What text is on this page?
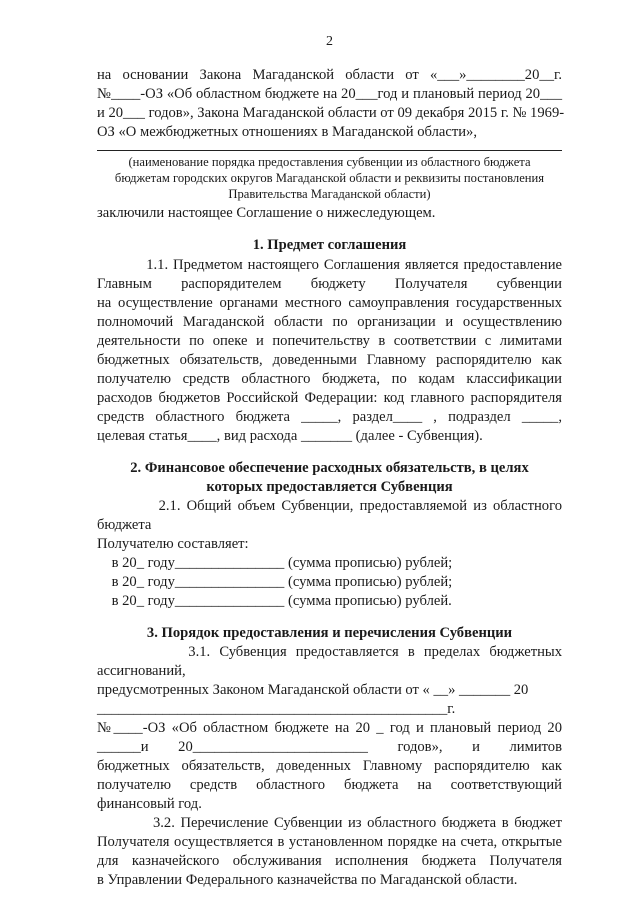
2
на основании Закона Магаданской области от «___»________20__г.
№____-ОЗ «Об областном бюджете на 20___год и плановый период 20___
и 20___ годов», Закона Магаданской области от 09 декабря 2015 г. № 1969-
ОЗ «О межбюджетных отношениях в Магаданской области»,
(наименование порядка предоставления субвенции из областного бюджета
бюджетам городских округов Магаданской области и реквизиты постановления
Правительства Магаданской области)
заключили настоящее Соглашение о нижеследующем.
1. Предмет соглашения
1.1. Предметом настоящего Соглашения является предоставление
Главным распорядителем бюджету Получателя субвенции
на осуществление органами местного самоуправления государственных
полномочий Магаданской области по организации и осуществлению
деятельности по опеке и попечительству в соответствии с лимитами
бюджетных обязательств, доведенными Главному распорядителю как
получателю средств областного бюджета, по кодам классификации
расходов бюджетов Российской Федерации: код главного распорядителя
средств областного бюджета _____, раздел____ , подраздел _____,
целевая статья____, вид расхода _______ (далее - Субвенция).
2. Финансовое обеспечение расходных обязательств, в целях
которых предоставляется Субвенция
2.1. Общий объем Субвенции, предоставляемой из областного
бюджета
Получателю составляет:
в 20_ году_______________ (сумма прописью) рублей;
в 20_ году_______________ (сумма прописью) рублей;
в 20_ году_______________ (сумма прописью) рублей.
3. Порядок предоставления и перечисления Субвенции
3.1. Субвенция предоставляется в пределах бюджетных
ассигнований,
предусмотренных Законом Магаданской области от « __» _______ 20
________________________________________________г.
№____-ОЗ «Об областном бюджете на 20 _ год и плановый период 20
______и 20________________________ годов», и лимитов
бюджетных обязательств, доведенных Главному распорядителю как
получателю средств областного бюджета на соответствующий
финансовый год.
3.2. Перечисление Субвенции из областного бюджета в бюджет
Получателя осуществляется в установленном порядке на счета, открытые
для казначейского обслуживания исполнения бюджета Получателя
в Управлении Федерального казначейства по Магаданской области.
